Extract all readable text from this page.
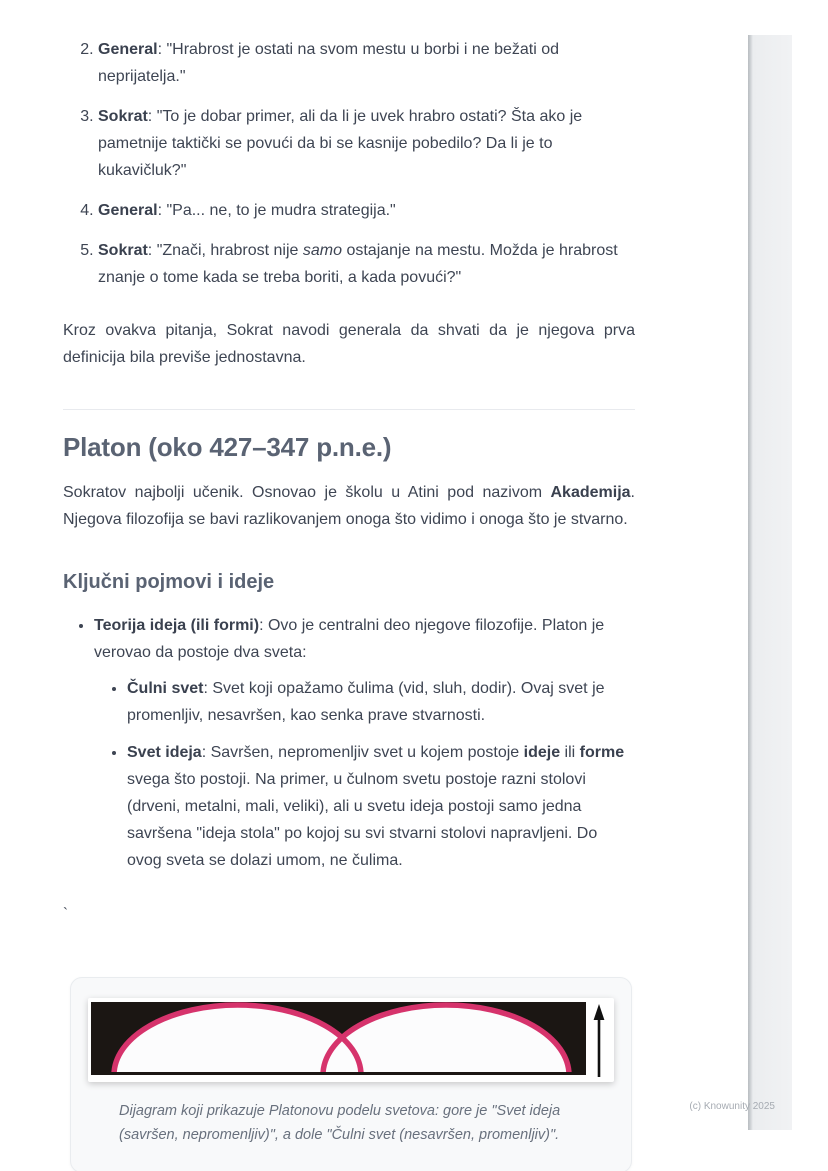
2. General: "Hrabrost je ostati na svom mestu u borbi i ne bežati od neprijatelja."
3. Sokrat: "To je dobar primer, ali da li je uvek hrabro ostati? Šta ako je pametnije taktički se povući da bi se kasnije pobedilo? Da li je to kukavičluk?"
4. General: "Pa... ne, to je mudra strategija."
5. Sokrat: "Znači, hrabrost nije samo ostajanje na mestu. Možda je hrabrost znanje o tome kada se treba boriti, a kada povući?"

Kroz ovakva pitanja, Sokrat navodi generala da shvati da je njegova prva definicija bila previše jednostavna.

Platon (oko 427–347 p.n.e.)

Sokratov najbolji učenik. Osnovao je školu u Atini pod nazivom Akademija. Njegova filozofija se bavi razlikovanjem onoga što vidimo i onoga što je stvarno.

Ključni pojmovi i ideje
• Teorija ideja (ili formi): Ovo je centralni deo njegove filozofije. Platon je verovao da postoje dva sveta:
• Čulni svet: Svet koji opažamo čulima (vid, sluh, dodir). Ovaj svet je promenljiv, nesavršen, kao senka prave stvarnosti.
• Svet ideja: Savršen, nepromenljiv svet u kojem postoje ideje ili forme svega što postoji. Na primer, u čulnom svetu postoje razni stolovi (drveni, metalni, mali, veliki), ali u svetu ideja postoji samo jedna savršena "ideja stola" po kojoj su svi stvarni stolovi napravljeni. Do ovog sveta se dolazi umom, ne čulima.

`

Dijagram koji prikazuje Platonovu podelu svetova: gore je "Svet ideja (savršen, nepromenljiv)", a dole "Čulni svet (nesavršen, promenljiv)".
(c) Knowunity 2025
